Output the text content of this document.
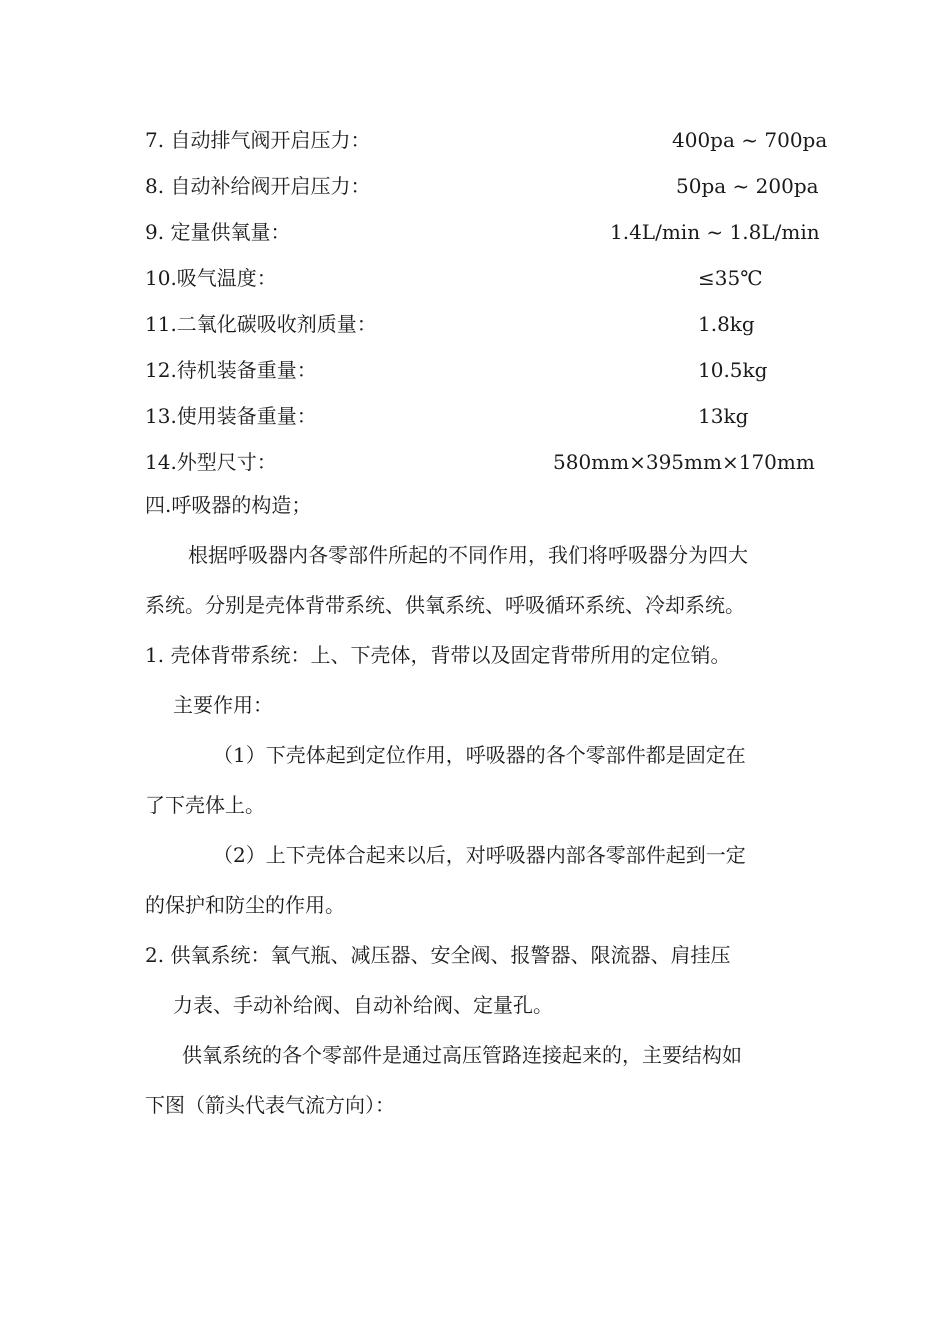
7. 自动排气阀开启压力：	400pa ~ 700pa
8. 自动补给阀开启压力：	50pa ~ 200pa
9. 定量供氧量：	1.4L/min ~ 1.8L/min
10.吸气温度：	≤35℃
11.二氧化碳吸收剂质量：	1.8kg
12.待机装备重量：	10.5kg
13.使用装备重量：	13kg
14.外型尺寸：	580mm×395mm×170mm
四.呼吸器的构造；
根据呼吸器内各零部件所起的不同作用，我们将呼吸器分为四大
系统。分别是壳体背带系统、供氧系统、呼吸循环系统、冷却系统。
1. 壳体背带系统：上、下壳体，背带以及固定背带所用的定位销。
主要作用：
（1）下壳体起到定位作用，呼吸器的各个零部件都是固定在
了下壳体上。
（2）上下壳体合起来以后，对呼吸器内部各零部件起到一定
的保护和防尘的作用。
2. 供氧系统：氧气瓶、减压器、安全阀、报警器、限流器、肩挂压
力表、手动补给阀、自动补给阀、定量孔。
供氧系统的各个零部件是通过高压管路连接起来的，主要结构如
下图（箭头代表气流方向）：
